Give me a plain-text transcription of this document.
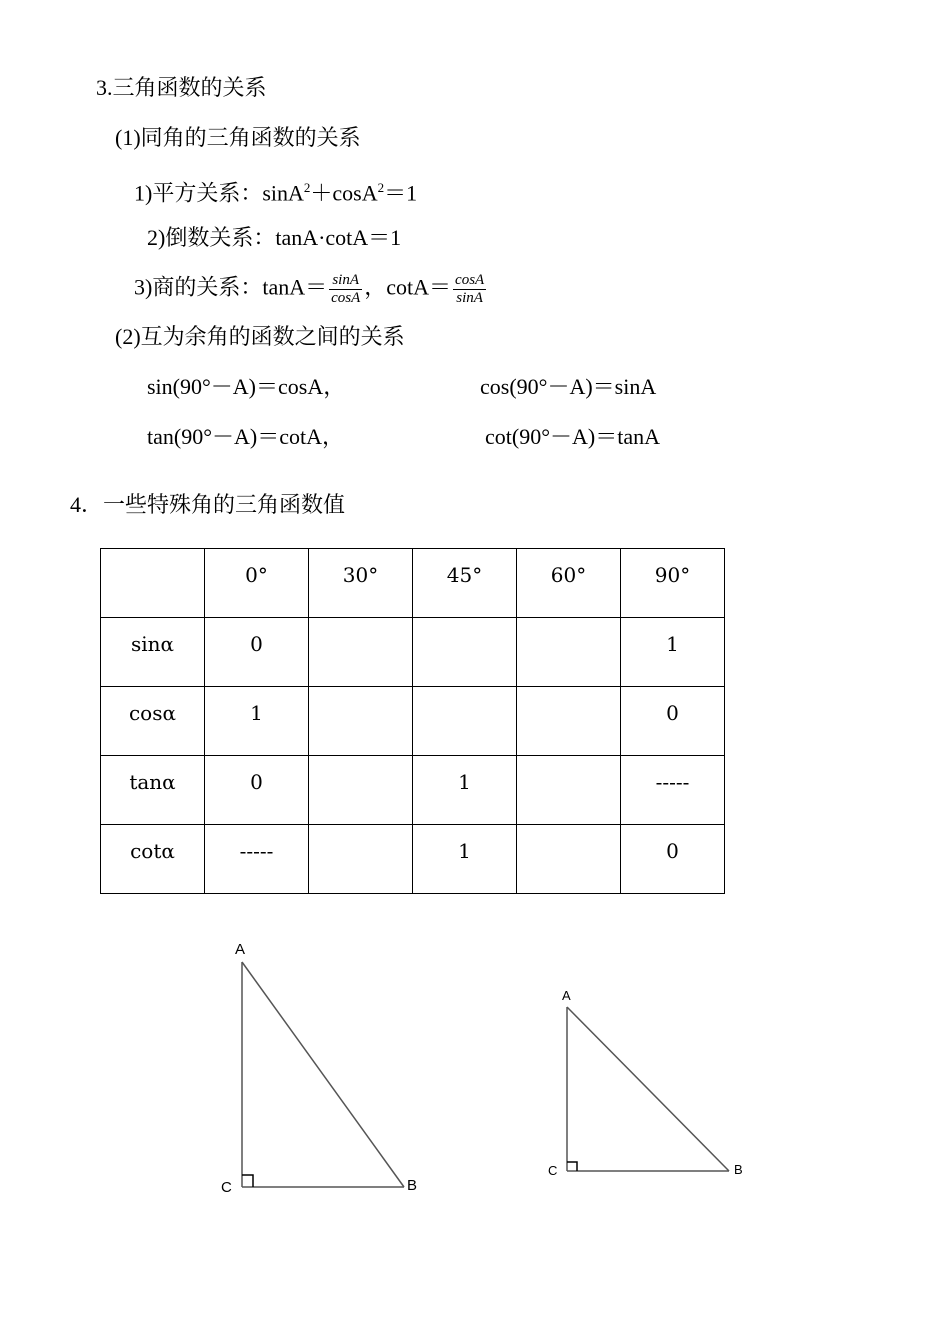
3.三角函数的关系
(1)同角的三角函数的关系
1)平方关系：sinA$^2$＋cosA$^2$＝1
2)倒数关系：tanA·cotA＝1
3)商的关系：$\tan A= \frac{\sin A}{\cos A}$ ，$\cot A= \frac{\cos A}{\sin A}$
(2)互为余角的函数之间的关系
sin(90°－A)＝cosA，	cos(90°－A)＝sinA
tan(90°－A)＝cotA，	cot(90°－A)＝tanA
4．一些特殊角的三角函数值
	0°	30°	45°	60°	90°
sinα	0				1
cosα	1				0
tanα	0		1		-----
cotα	-----		1		0
A
C	B
A
C	B
